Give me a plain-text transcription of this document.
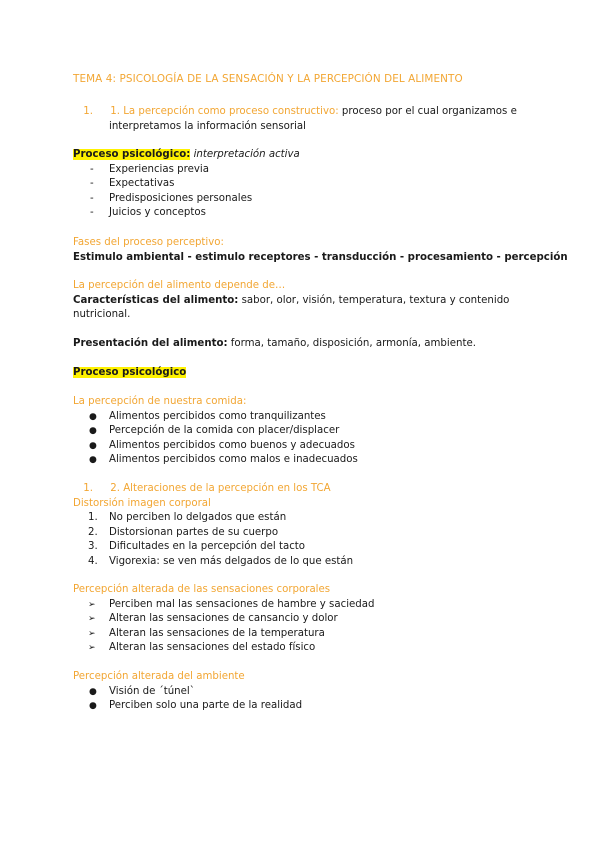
TEMA 4: PSICOLOGÍA DE LA SENSACIÓN Y LA PERCEPCIÓN DEL ALIMENTO
1. 1. La percepción como proceso constructivo: proceso por el cual organizamos e
interpretamos la información sensorial
Proceso psicológico: interpretación activa
- Experiencias previa
- Expectativas
- Predisposiciones personales
- Juicios y conceptos
Fases del proceso perceptivo:
Estimulo ambiental - estimulo receptores - transducción - procesamiento - percepción
La percepción del alimento depende de…
Características del alimento: sabor, olor, visión, temperatura, textura y contenido
nutricional.
Presentación del alimento: forma, tamaño, disposición, armonía, ambiente.
Proceso psicológico
La percepción de nuestra comida:
● Alimentos percibidos como tranquilizantes
● Percepción de la comida con placer/displacer
● Alimentos percibidos como buenos y adecuados
● Alimentos percibidos como malos e inadecuados
1. 2. Alteraciones de la percepción en los TCA
Distorsión imagen corporal
1. No perciben lo delgados que están
2. Distorsionan partes de su cuerpo
3. Dificultades en la percepción del tacto
4. Vigorexia: se ven más delgados de lo que están
Percepción alterada de las sensaciones corporales
➢ Perciben mal las sensaciones de hambre y saciedad
➢ Alteran las sensaciones de cansancio y dolor
➢ Alteran las sensaciones de la temperatura
➢ Alteran las sensaciones del estado físico
Percepción alterada del ambiente
● Visión de ´túnel`
● Perciben solo una parte de la realidad
